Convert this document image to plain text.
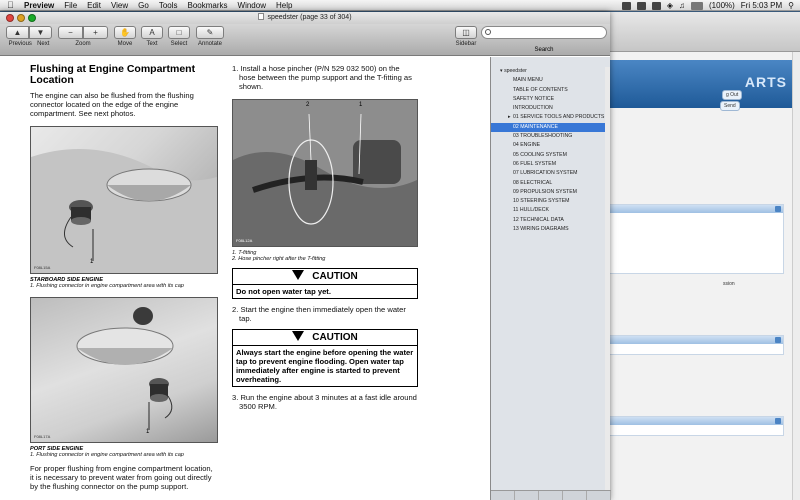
Preview File Edit View Go Tools Bookmarks Window Help	◈ ♫	(100%) Fri 5:03 PM ⚲
ARTS
g Out
Send
ssion
speedster (page 33 of 304)
▲ ▼
Previous Next
−	+
Zoom
✋
Move
A
Text
□
Select
✎
Annotate
◫
Sidebar
Search
Flushing at Engine Compartment Location

The engine can also be flushed from the flushing connector located on the edge of the engine compartment. See next photos.

1
F08L15A
STARBOARD SIDE ENGINE
1. Flushing connector in engine compartment area with its cap
1
F08L17A
PORT SIDE ENGINE
1. Flushing connector in engine compartment area with its cap

For proper flushing from engine compartment location, it is necessary to prevent water from going out directly by the flushing connector on the pump support.

1. Install a hose pincher (P/N 529 032 500) on the hose between the pump support and the T-fitting as shown.

2	1
F08L12A
1. T-fitting
2. Hose pincher right after the T-fitting
CAUTION
Do not open water tap yet.

2. Start the engine then immediately open the water tap.

CAUTION
Always start the engine before opening the water tap to prevent engine flooding. Open water tap immediately after engine is started to prevent overheating.

3. Run the engine about 3 minutes at a fast idle around 3500 RPM.

▾ speedster
MAIN MENU
TABLE OF CONTENTS
SAFETY NOTICE
INTRODUCTION
▸ 01 SERVICE TOOLS AND PRODUCTS
02 MAINTENANCE
03 TROUBLESHOOTING
04 ENGINE
05 COOLING SYSTEM
06 FUEL SYSTEM
07 LUBRICATION SYSTEM
08 ELECTRICAL
09 PROPULSION SYSTEM
10 STEERING SYSTEM
11 HULL/DECK
12 TECHNICAL DATA
13 WIRING DIAGRAMS
